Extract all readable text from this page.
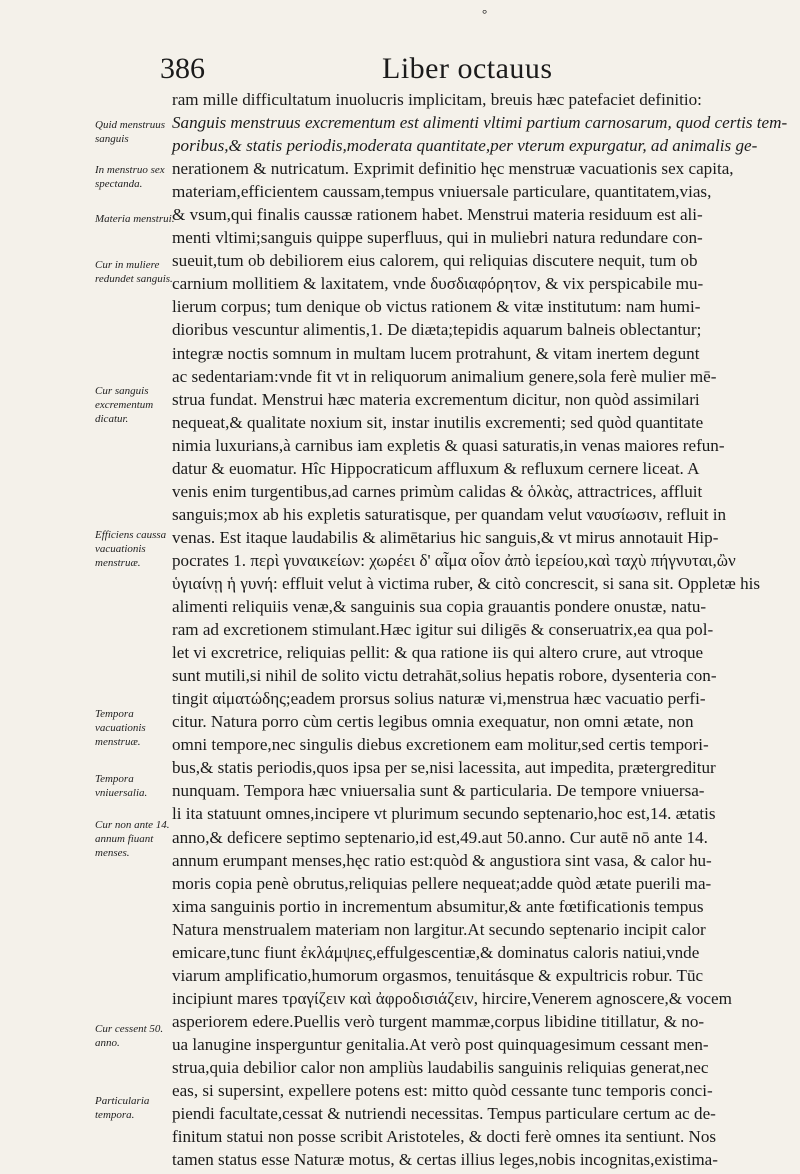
°
386	Liber octauus
Quid menstruus sanguis
In menstruo sex spectanda.
Materia menstrui.
Cur in muliere redundet sanguis.
Cur sanguis excrementum dicatur.
Efficiens caussa vacuationis menstruæ.
Tempora vacuationis menstruæ.
Tempora vniuersalia.
Cur non ante 14. annum fiuant menses.
Cur cessent 50. anno.
Particularia tempora.
ram mille difficultatum inuolucris implicitam, breuis hæc patefaciet definitio:
Sanguis menstruus excrementum est alimenti vltimi partium carnosarum, quod certis tem-
poribus,& statis periodis,moderata quantitate,per vterum expurgatur, ad animalis ge-
nerationem & nutricatum. Exprimit definitio hęc menstruæ vacuationis sex capita,
materiam,efficientem caussam,tempus vniuersale particulare, quantitatem,vias,
& vsum,qui finalis caussæ rationem habet. Menstrui materia residuum est ali-
menti vltimi;sanguis quippe superfluus, qui in muliebri natura redundare con-
sueuit,tum ob debiliorem eius calorem, qui reliquias discutere nequit, tum ob
carnium mollitiem & laxitatem, vnde δυσδιαφόρητον, & vix perspicabile mu-
lierum corpus; tum denique ob victus rationem & vitæ institutum: nam humi-
dioribus vescuntur alimentis,1. De diæta;tepidis aquarum balneis oblectantur;
integræ noctis somnum in multam lucem protrahunt, & vitam inertem degunt
ac sedentariam:vnde fit vt in reliquorum animalium genere,sola ferè mulier mē-
strua fundat. Menstrui hæc materia excrementum dicitur, non quòd assimilari
nequeat,& qualitate noxium sit, instar inutilis excrementi; sed quòd quantitate
nimia luxurians,à carnibus iam expletis & quasi saturatis,in venas maiores refun-
datur & euomatur. Hîc Hippocraticum affluxum & refluxum cernere liceat. A
venis enim turgentibus,ad carnes primùm calidas & ὁλκὰς, attractrices, affluit
sanguis;mox ab his expletis saturatisque, per quandam velut ναυσίωσιν, refluit in
venas. Est itaque laudabilis & alimētarius hic sanguis,& vt mirus annotauit Hip-
pocrates 1. περὶ γυναικείων: χωρέει δ' αἷμα οἷον ἀπὸ ἱερείου,καὶ ταχὺ πήγνυται,ὢν
ὑγιαίνῃ ἡ γυνή: effluit velut à victima ruber, & citò concrescit, si sana sit. Oppletæ his
alimenti reliquiis venæ,& sanguinis sua copia grauantis pondere onustæ, natu-
ram ad excretionem stimulant.Hæc igitur sui diligēs & conseruatrix,ea qua pol-
let vi excretrice, reliquias pellit: & qua ratione iis qui altero crure, aut vtroque
sunt mutili,si nihil de solito victu detrahāt,solius hepatis robore, dysenteria con-
tingit αἱματώδης;eadem prorsus solius naturæ vi,menstrua hæc vacuatio perfi-
citur. Natura porro cùm certis legibus omnia exequatur, non omni ætate, non
omni tempore,nec singulis diebus excretionem eam molitur,sed certis tempori-
bus,& statis periodis,quos ipsa per se,nisi lacessita, aut impedita, prætergreditur
nunquam. Tempora hæc vniuersalia sunt & particularia. De tempore vniuersa-
li ita statuunt omnes,incipere vt plurimum secundo septenario,hoc est,14. ætatis
anno,& deficere septimo septenario,id est,49.aut 50.anno. Cur autē nō ante 14.
annum erumpant menses,hęc ratio est:quòd & angustiora sint vasa, & calor hu-
moris copia penè obrutus,reliquias pellere nequeat;adde quòd ætate puerili ma-
xima sanguinis portio in incrementum absumitur,& ante fœtificationis tempus
Natura menstrualem materiam non largitur.At secundo septenario incipit calor
emicare,tunc fiunt ἐκλάμψιες,effulgescentiæ,& dominatus caloris natiui,vnde
viarum amplificatio,humorum orgasmos, tenuitásque & expultricis robur. Tūc
incipiunt mares τραγίζειν καὶ ἀφροδισιάζειν, hircire,Venerem agnoscere,& vocem
asperiorem edere.Puellis verò turgent mammæ,corpus libidine titillatur, & no-
ua lanugine insperguntur genitalia.At verò post quinquagesimum cessant men-
strua,quia debilior calor non ampliùs laudabilis sanguinis reliquias generat,nec
eas, si supersint, expellere potens est: mitto quòd cessante tunc temporis conci-
piendi facultate,cessat & nutriendi necessitas. Tempus particulare certum ac de-
finitum statui non posse scribit Aristoteles, & docti ferè omnes ita sentiunt. Nos
tamen status esse Naturæ motus, & certas illius leges,nobis incognitas,existima-
